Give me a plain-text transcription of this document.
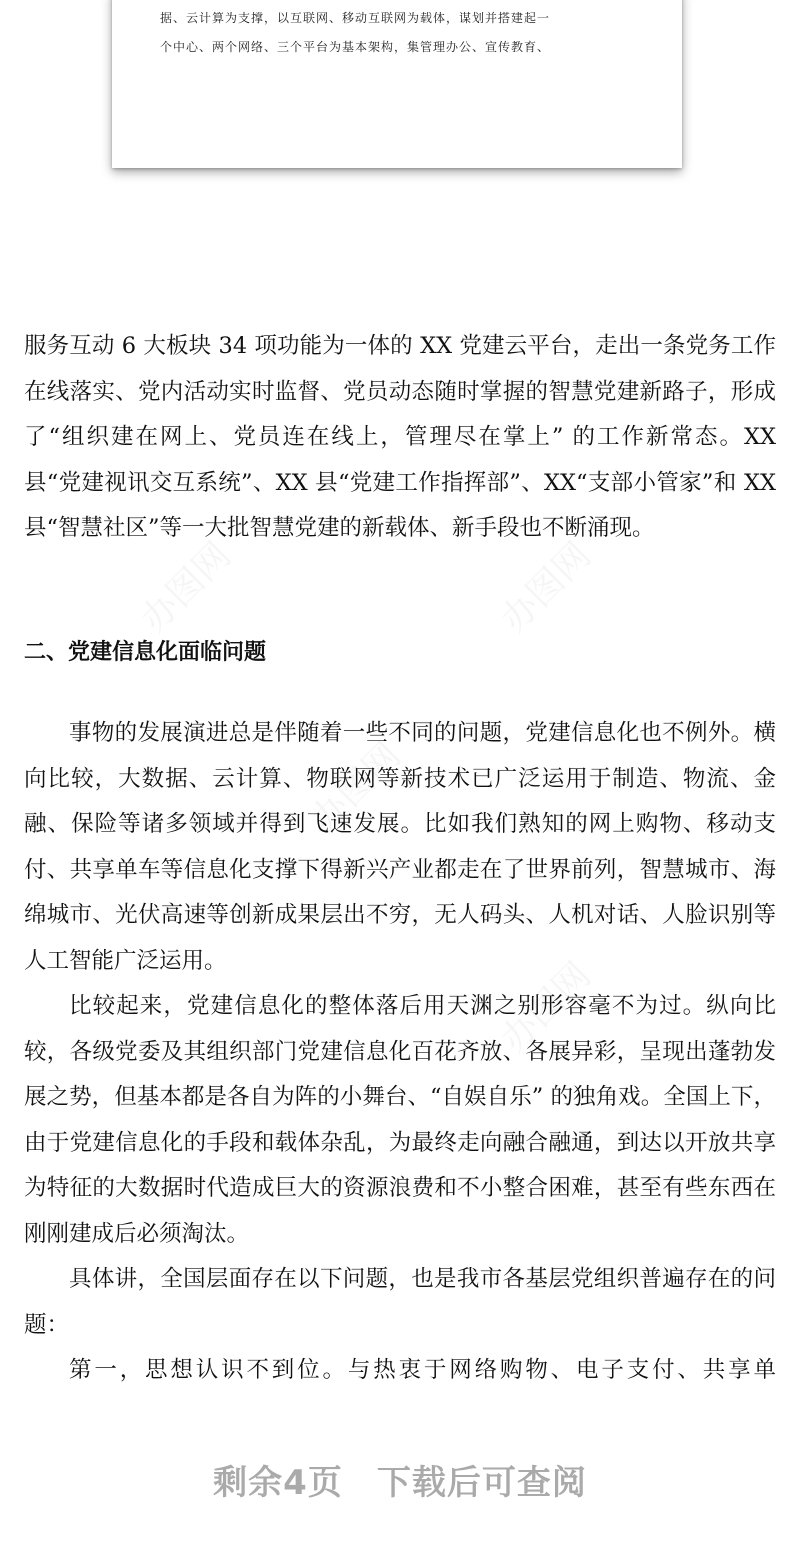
据、云计算为支撑，以互联网、移动互联网为载体，谋划并搭建起一
个中心、两个网络、三个平台为基本架构，集管理办公、宣传教育、
办图网	办图网
办图网
办图网

服务互动 6 大板块 34 项功能为一体的 XX 党建云平台，走出一条党务工作在线落实、党内活动实时监督、党员动态随时掌握的智慧党建新路子，形成了“组织建在网上、党员连在线上，管理尽在掌上” 的工作新常态。XX 县“党建视讯交互系统”、XX 县“党建工作指挥部”、XX“支部小管家”和 XX 县“智慧社区”等一大批智慧党建的新载体、新手段也不断涌现。

二、党建信息化面临问题

事物的发展演进总是伴随着一些不同的问题，党建信息化也不例外。横向比较，大数据、云计算、物联网等新技术已广泛运用于制造、物流、金融、保险等诸多领域并得到飞速发展。比如我们熟知的网上购物、移动支付、共享单车等信息化支撑下得新兴产业都走在了世界前列，智慧城市、海绵城市、光伏高速等创新成果层出不穷，无人码头、人机对话、人脸识别等人工智能广泛运用。

比较起来，党建信息化的整体落后用天渊之别形容毫不为过。纵向比较，各级党委及其组织部门党建信息化百花齐放、各展异彩，呈现出蓬勃发展之势，但基本都是各自为阵的小舞台、“自娱自乐” 的独角戏。全国上下，由于党建信息化的手段和载体杂乱，为最终走向融合融通，到达以开放共享为特征的大数据时代造成巨大的资源浪费和不小整合困难，甚至有些东西在刚刚建成后必须淘汰。

具体讲，全国层面存在以下问题，也是我市各基层党组织普遍存在的问题：

第一，思想认识不到位。与热衷于网络购物、电子支付、共享单

剩余4页 下载后可查阅
